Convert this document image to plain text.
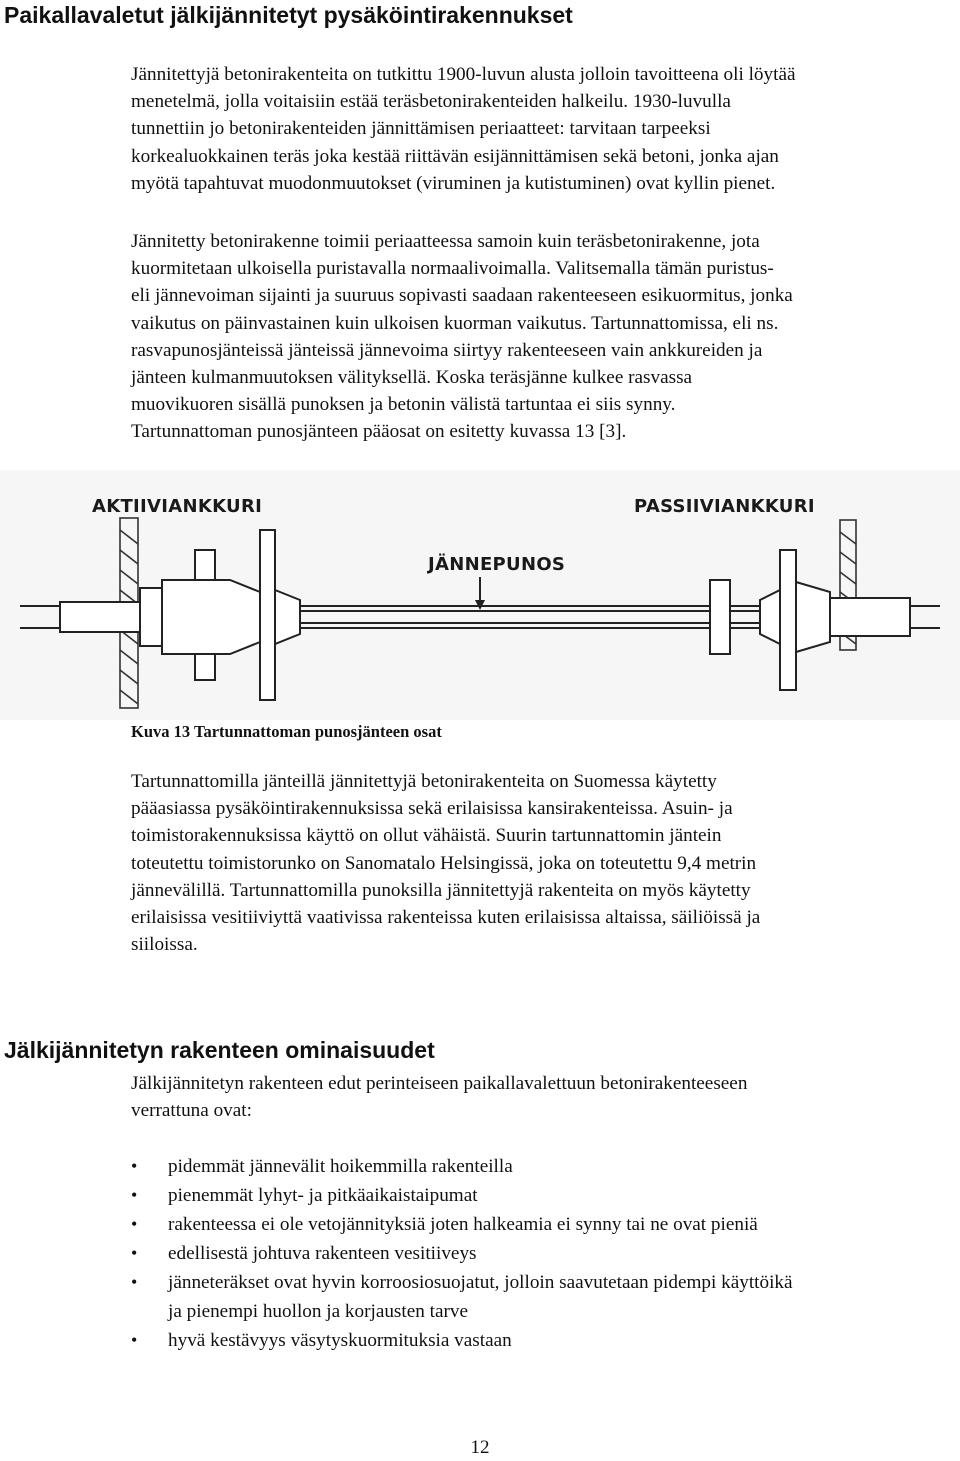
Paikallavaletut jälkijännitetyt pysäköintirakennukset
Jännitettyjä betonirakenteita on tutkittu 1900-luvun alusta jolloin tavoitteena oli löytää
menetelmä, jolla voitaisiin estää teräsbetonirakenteiden halkeilu. 1930-luvulla
tunnettiin jo betonirakenteiden jännittämisen periaatteet: tarvitaan tarpeeksi
korkealuokkainen teräs joka kestää riittävän esijännittämisen sekä betoni, jonka ajan
myötä tapahtuvat muodonmuutokset (viruminen ja kutistuminen) ovat kyllin pienet.
Jännitetty betonirakenne toimii periaatteessa samoin kuin teräsbetonirakenne, jota
kuormitetaan ulkoisella puristavalla normaalivoimalla. Valitsemalla tämän puristus-
eli jännevoiman sijainti ja suuruus sopivasti saadaan rakenteeseen esikuormitus, jonka
vaikutus on päinvastainen kuin ulkoisen kuorman vaikutus. Tartunnattomissa, eli ns.
rasvapunosjänteissä jänteissä jännevoima siirtyy rakenteeseen vain ankkureiden ja
jänteen kulmanmuutoksen välityksellä. Koska teräsjänne kulkee rasvassa
muovikuoren sisällä punoksen ja betonin välistä tartuntaa ei siis synny.
Tartunnattoman punosjänteen pääosat on esitetty kuvassa 13 [3].
AKTIIVIANKKURI	PASSIIVIANKKURI
JÄNNEPUNOS
Kuva 13 Tartunnattoman punosjänteen osat
Tartunnattomilla jänteillä jännitettyjä betonirakenteita on Suomessa käytetty
pääasiassa pysäköintirakennuksissa sekä erilaisissa kansirakenteissa. Asuin- ja
toimistorakennuksissa käyttö on ollut vähäistä. Suurin tartunnattomin jäntein
toteutettu toimistorunko on Sanomatalo Helsingissä, joka on toteutettu 9,4 metrin
jännevälillä. Tartunnattomilla punoksilla jännitettyjä rakenteita on myös käytetty
erilaisissa vesitiiviyttä vaativissa rakenteissa kuten erilaisissa altaissa, säiliöissä ja
siiloissa.
Jälkijännitetyn rakenteen ominaisuudet
Jälkijännitetyn rakenteen edut perinteiseen paikallavalettuun betonirakenteeseen
verrattuna ovat:
• pidemmät jännevälit hoikemmilla rakenteilla
• pienemmät lyhyt- ja pitkäaikaistaipumat
• rakenteessa ei ole vetojännityksiä joten halkeamia ei synny tai ne ovat pieniä
• edellisestä johtuva rakenteen vesitiiveys
• jänneteräkset ovat hyvin korroosiosuojatut, jolloin saavutetaan pidempi käyttöikä
ja pienempi huollon ja korjausten tarve
• hyvä kestävyys väsytyskuormituksia vastaan
12
